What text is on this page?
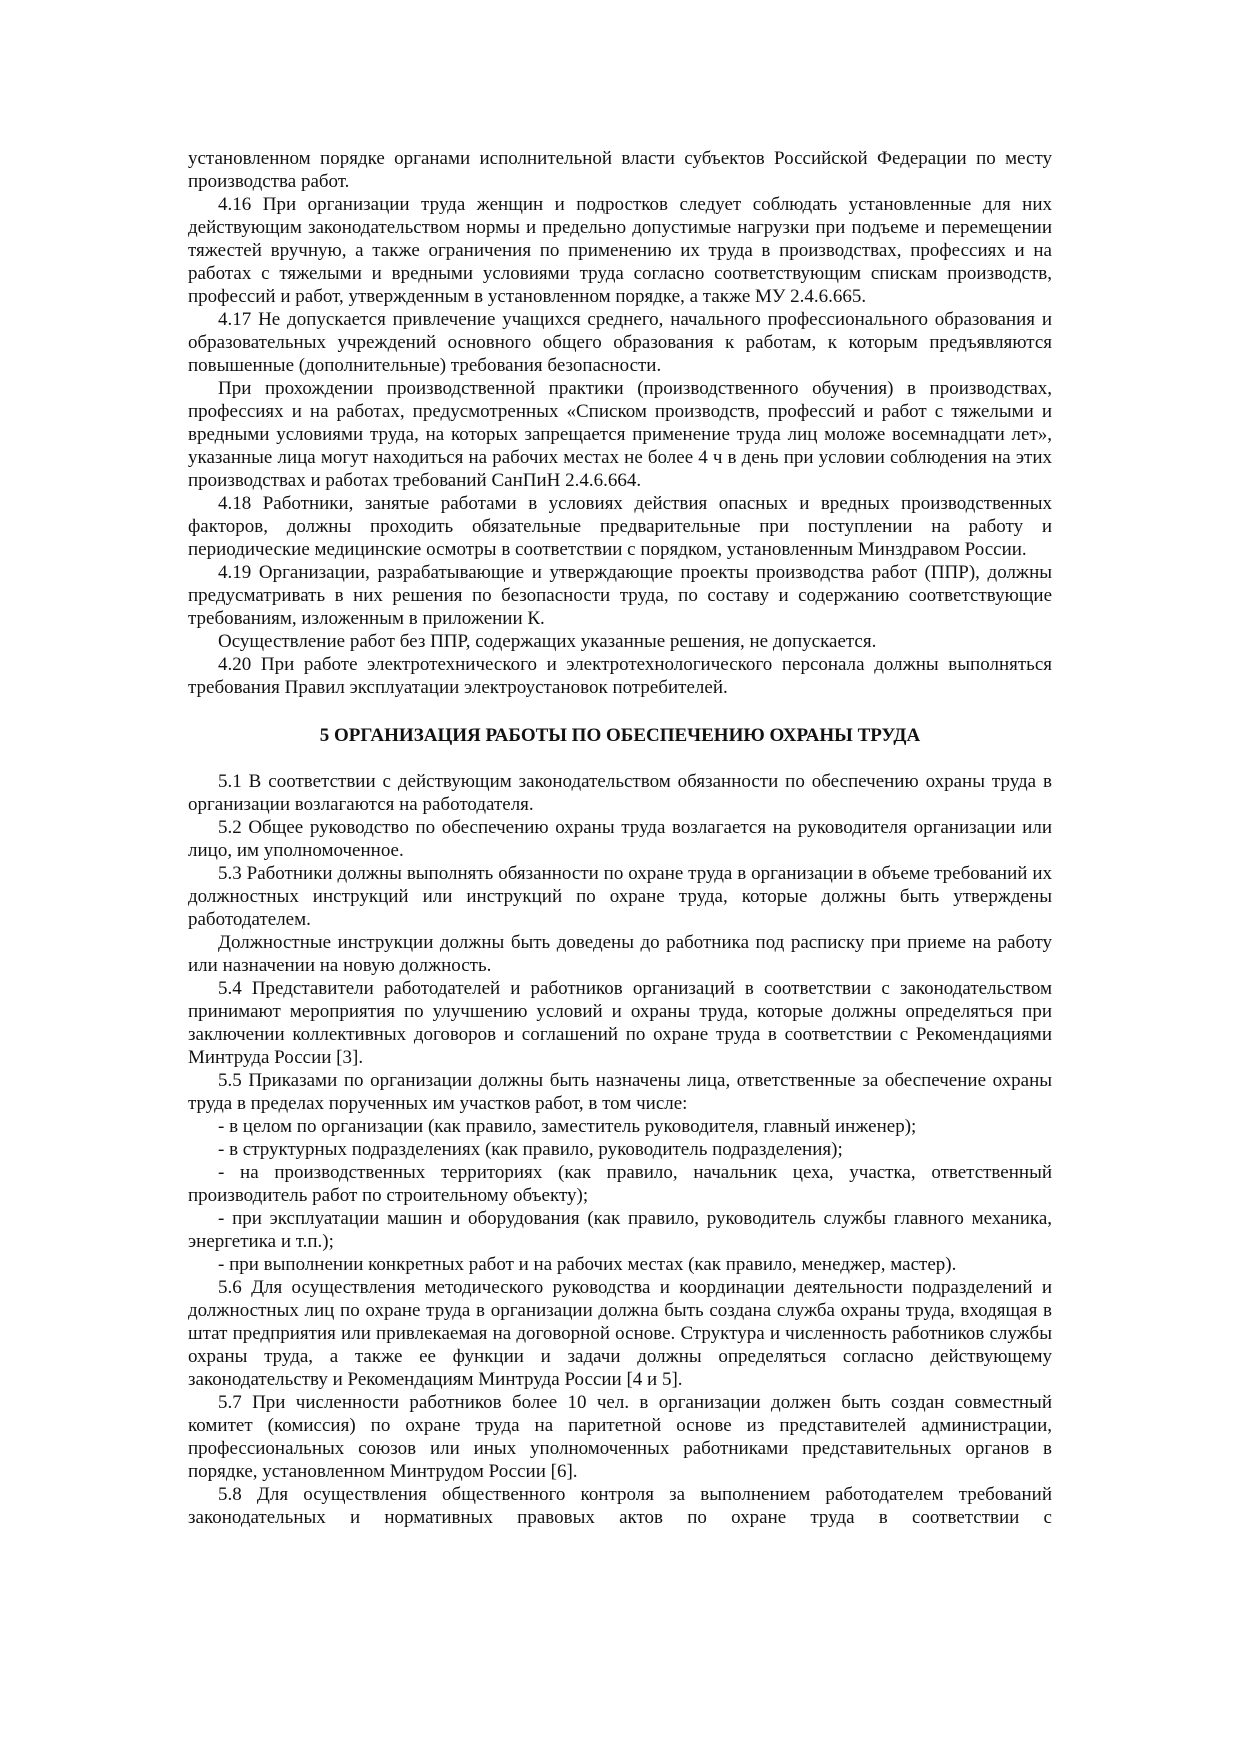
установленном порядке органами исполнительной власти субъектов Российской Федерации по месту производства работ.

4.16 При организации труда женщин и подростков следует соблюдать установленные для них действующим законодательством нормы и предельно допустимые нагрузки при подъеме и перемещении тяжестей вручную, а также ограничения по применению их труда в производствах, профессиях и на работах с тяжелыми и вредными условиями труда согласно соответствующим спискам производств, профессий и работ, утвержденным в установленном порядке, а также МУ 2.4.6.665.

4.17 Не допускается привлечение учащихся среднего, начального профессионального образования и образовательных учреждений основного общего образования к работам, к которым предъявляются повышенные (дополнительные) требования безопасности.

При прохождении производственной практики (производственного обучения) в производствах, профессиях и на работах, предусмотренных «Списком производств, профессий и работ с тяжелыми и вредными условиями труда, на которых запрещается применение труда лиц моложе восемнадцати лет», указанные лица могут находиться на рабочих местах не более 4 ч в день при условии соблюдения на этих производствах и работах требований СанПиН 2.4.6.664.

4.18 Работники, занятые работами в условиях действия опасных и вредных производственных факторов, должны проходить обязательные предварительные при поступлении на работу и периодические медицинские осмотры в соответствии с порядком, установленным Минздравом России.

4.19 Организации, разрабатывающие и утверждающие проекты производства работ (ППР), должны предусматривать в них решения по безопасности труда, по составу и содержанию соответствующие требованиям, изложенным в приложении К.

Осуществление работ без ППР, содержащих указанные решения, не допускается.

4.20 При работе электротехнического и электротехнологического персонала должны выполняться требования Правил эксплуатации электроустановок потребителей.

5 ОРГАНИЗАЦИЯ РАБОТЫ ПО ОБЕСПЕЧЕНИЮ ОХРАНЫ ТРУДА

5.1 В соответствии с действующим законодательством обязанности по обеспечению охраны труда в организации возлагаются на работодателя.

5.2 Общее руководство по обеспечению охраны труда возлагается на руководителя организации или лицо, им уполномоченное.

5.3 Работники должны выполнять обязанности по охране труда в организации в объеме требований их должностных инструкций или инструкций по охране труда, которые должны быть утверждены работодателем.

Должностные инструкции должны быть доведены до работника под расписку при приеме на работу или назначении на новую должность.

5.4 Представители работодателей и работников организаций в соответствии с законодательством принимают мероприятия по улучшению условий и охраны труда, которые должны определяться при заключении коллективных договоров и соглашений по охране труда в соответствии с Рекомендациями Минтруда России [3].

5.5 Приказами по организации должны быть назначены лица, ответственные за обеспечение охраны труда в пределах порученных им участков работ, в том числе:

- в целом по организации (как правило, заместитель руководителя, главный инженер);

- в структурных подразделениях (как правило, руководитель подразделения);

- на производственных территориях (как правило, начальник цеха, участка, ответственный производитель работ по строительному объекту);

- при эксплуатации машин и оборудования (как правило, руководитель службы главного механика, энергетика и т.п.);

- при выполнении конкретных работ и на рабочих местах (как правило, менеджер, мастер).

5.6 Для осуществления методического руководства и координации деятельности подразделений и должностных лиц по охране труда в организации должна быть создана служба охраны труда, входящая в штат предприятия или привлекаемая на договорной основе. Структура и численность работников службы охраны труда, а также ее функции и задачи должны определяться согласно действующему законодательству и Рекомендациям Минтруда России [4 и 5].

5.7 При численности работников более 10 чел. в организации должен быть создан совместный комитет (комиссия) по охране труда на паритетной основе из представителей администрации, профессиональных союзов или иных уполномоченных работниками представительных органов в порядке, установленном Минтрудом России [6].

5.8 Для осуществления общественного контроля за выполнением работодателем требований законодательных и нормативных правовых актов по охране труда в соответствии с
